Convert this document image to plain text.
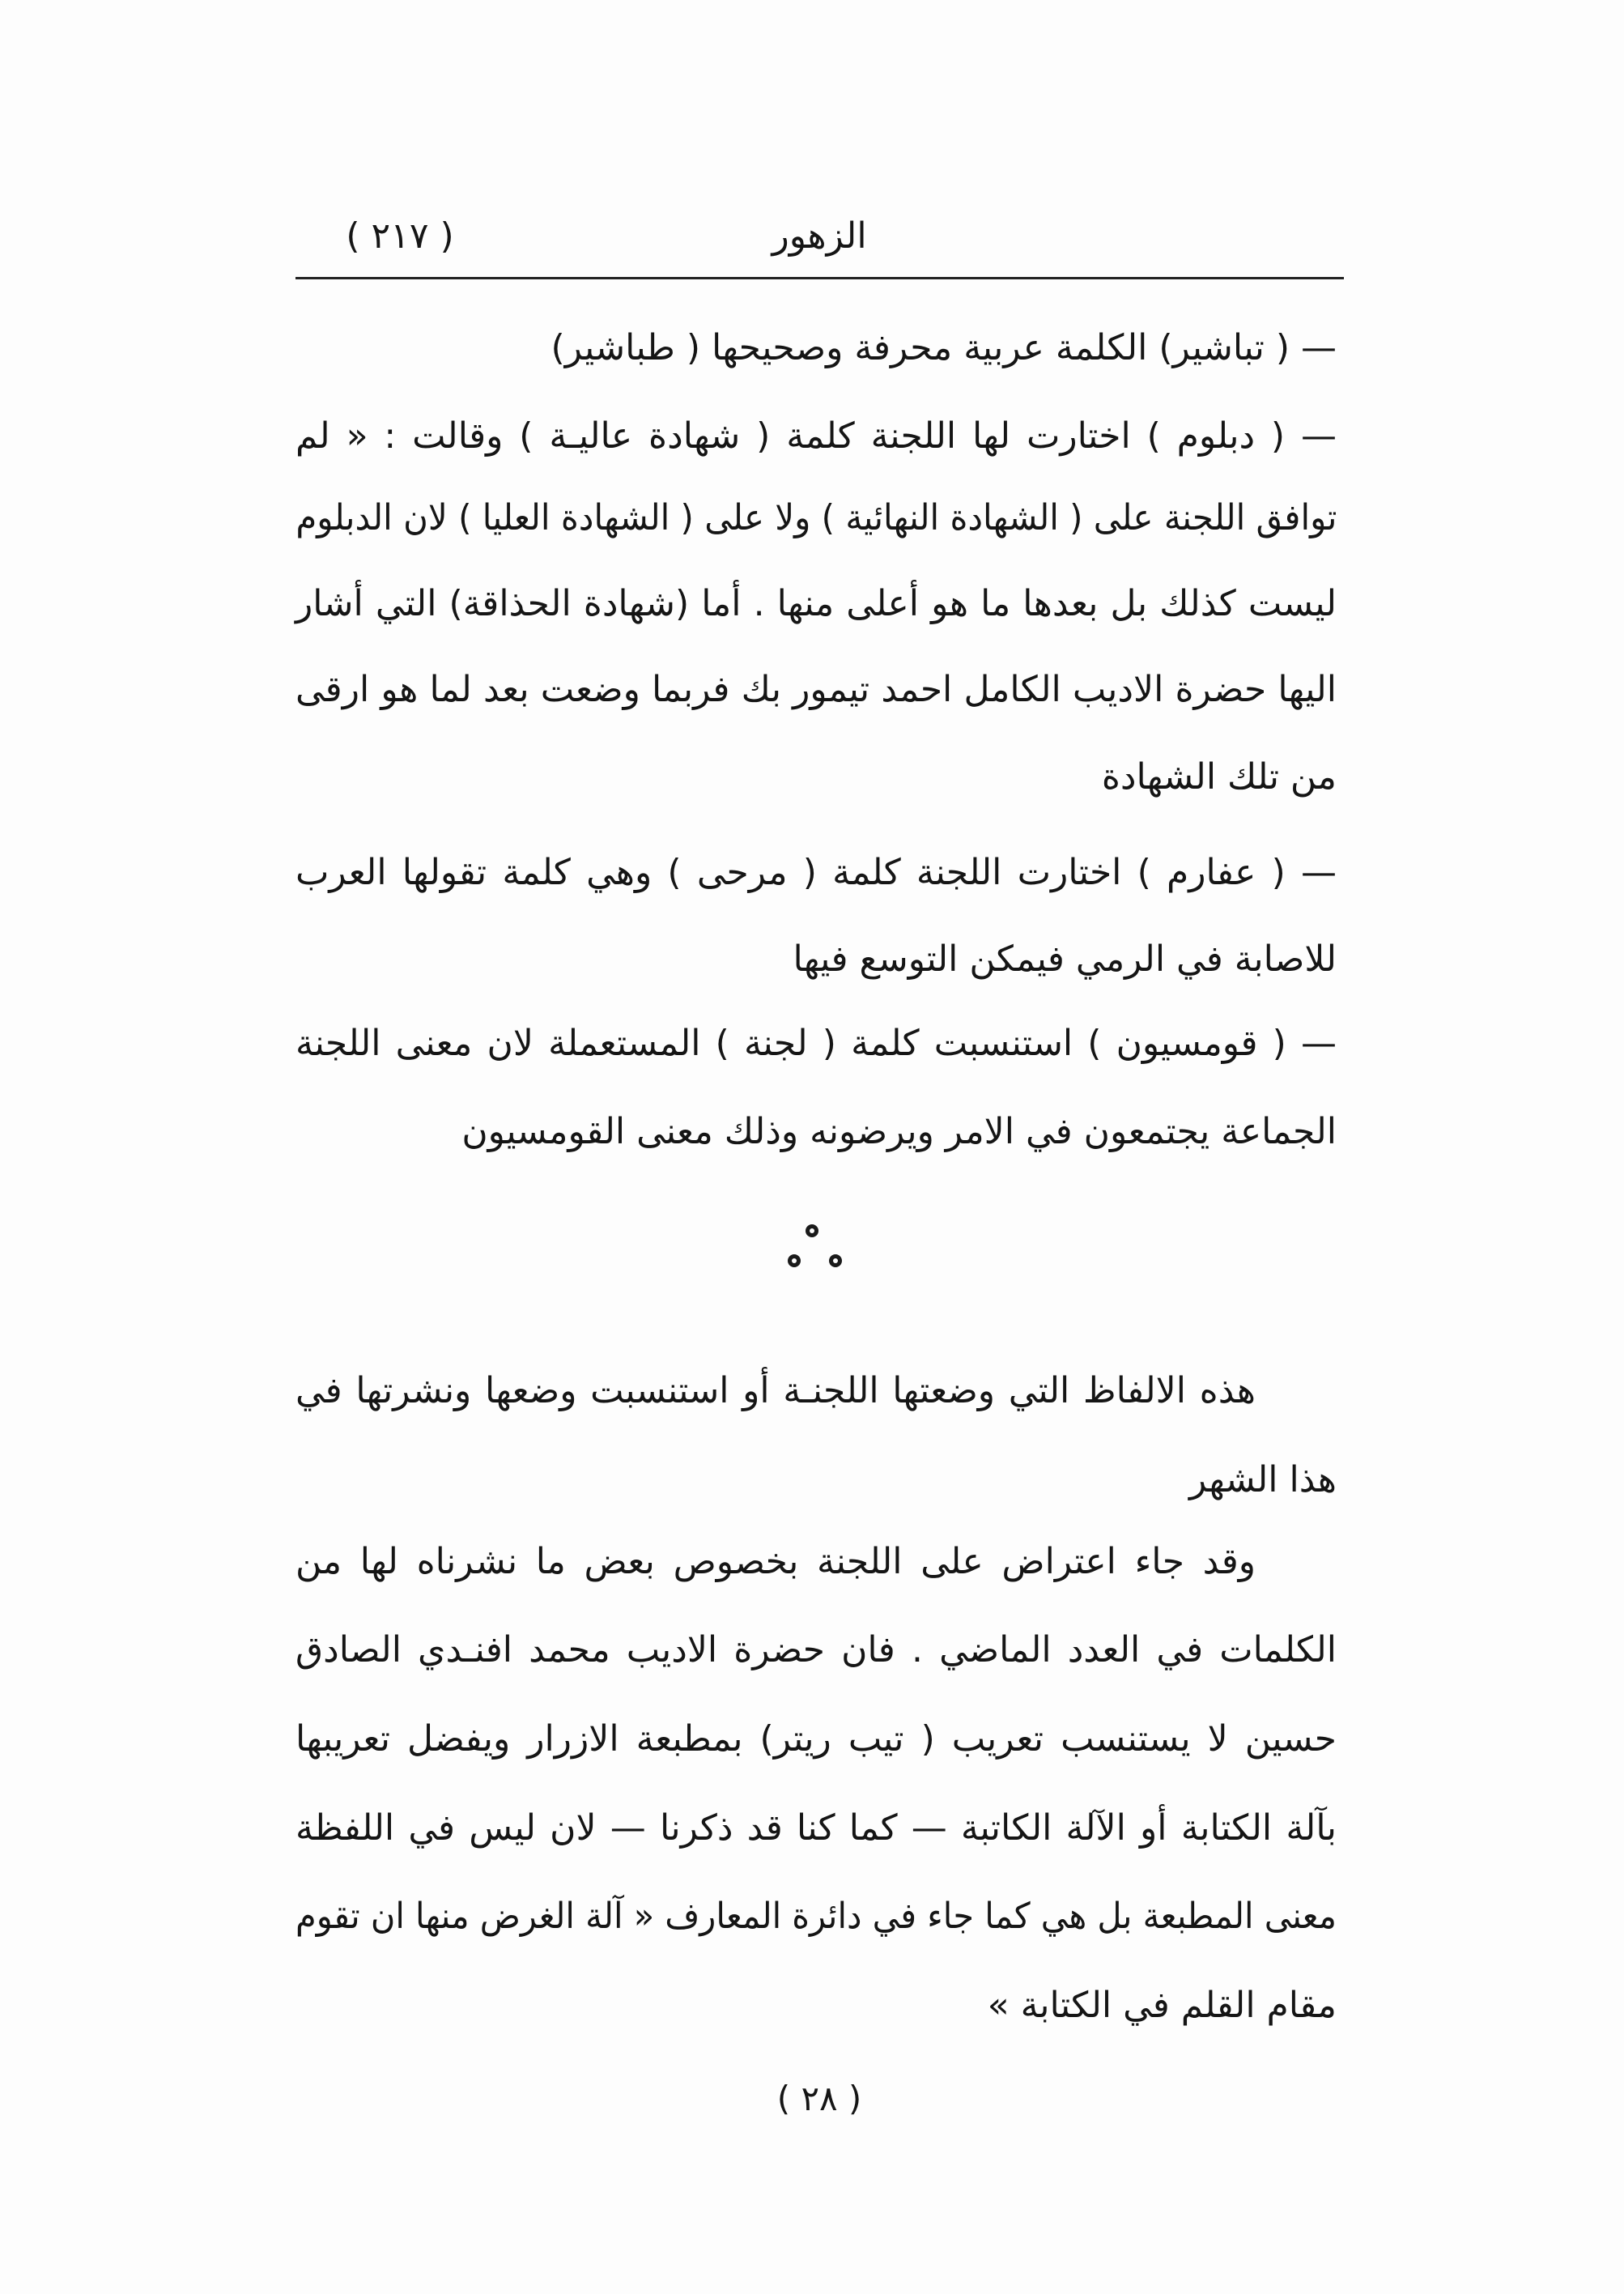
( ٢١٧ )	الزهور
— ( تباشير) الكلمة عربية محرفة وصحيحها ( طباشير)
— ( دبلوم ) اختارت لها اللجنة كلمة ( شهادة عاليـة ) وقالت : « لم
توافق اللجنة على ( الشهادة النهائية ) ولا على ( الشهادة العليا ) لان الدبلوم
ليست كذلك بل بعدها ما هو أعلى منها . أما (شهادة الحذاقة) التي أشار
اليها حضرة الاديب الكامل احمد تيمور بك فربما وضعت بعد لما هو ارقى
من تلك الشهادة
— ( عفارم ) اختارت اللجنة كلمة ( مرحى ) وهي كلمة تقولها العرب
للاصابة في الرمي فيمكن التوسع فيها
— ( قومسيون ) استنسبت كلمة ( لجنة ) المستعملة لان معنى اللجنة
الجماعة يجتمعون في الامر ويرضونه وذلك معنى القومسيون
هذه الالفاظ التي وضعتها اللجنـة أو استنسبت وضعها ونشرتها في
هذا الشهر
وقد جاء اعتراض على اللجنة بخصوص بعض ما نشرناه لها من
الكلمات في العدد الماضي . فان حضرة الاديب محمد افنـدي الصادق
حسين لا يستنسب تعريب ( تيب ريتر) بمطبعة الازرار ويفضل تعريبها
بآلة الكتابة أو الآلة الكاتبة — كما كنا قد ذكرنا — لان ليس في اللفظة
معنى المطبعة بل هي كما جاء في دائرة المعارف « آلة الغرض منها ان تقوم
مقام القلم في الكتابة »
( ٢٨ )
